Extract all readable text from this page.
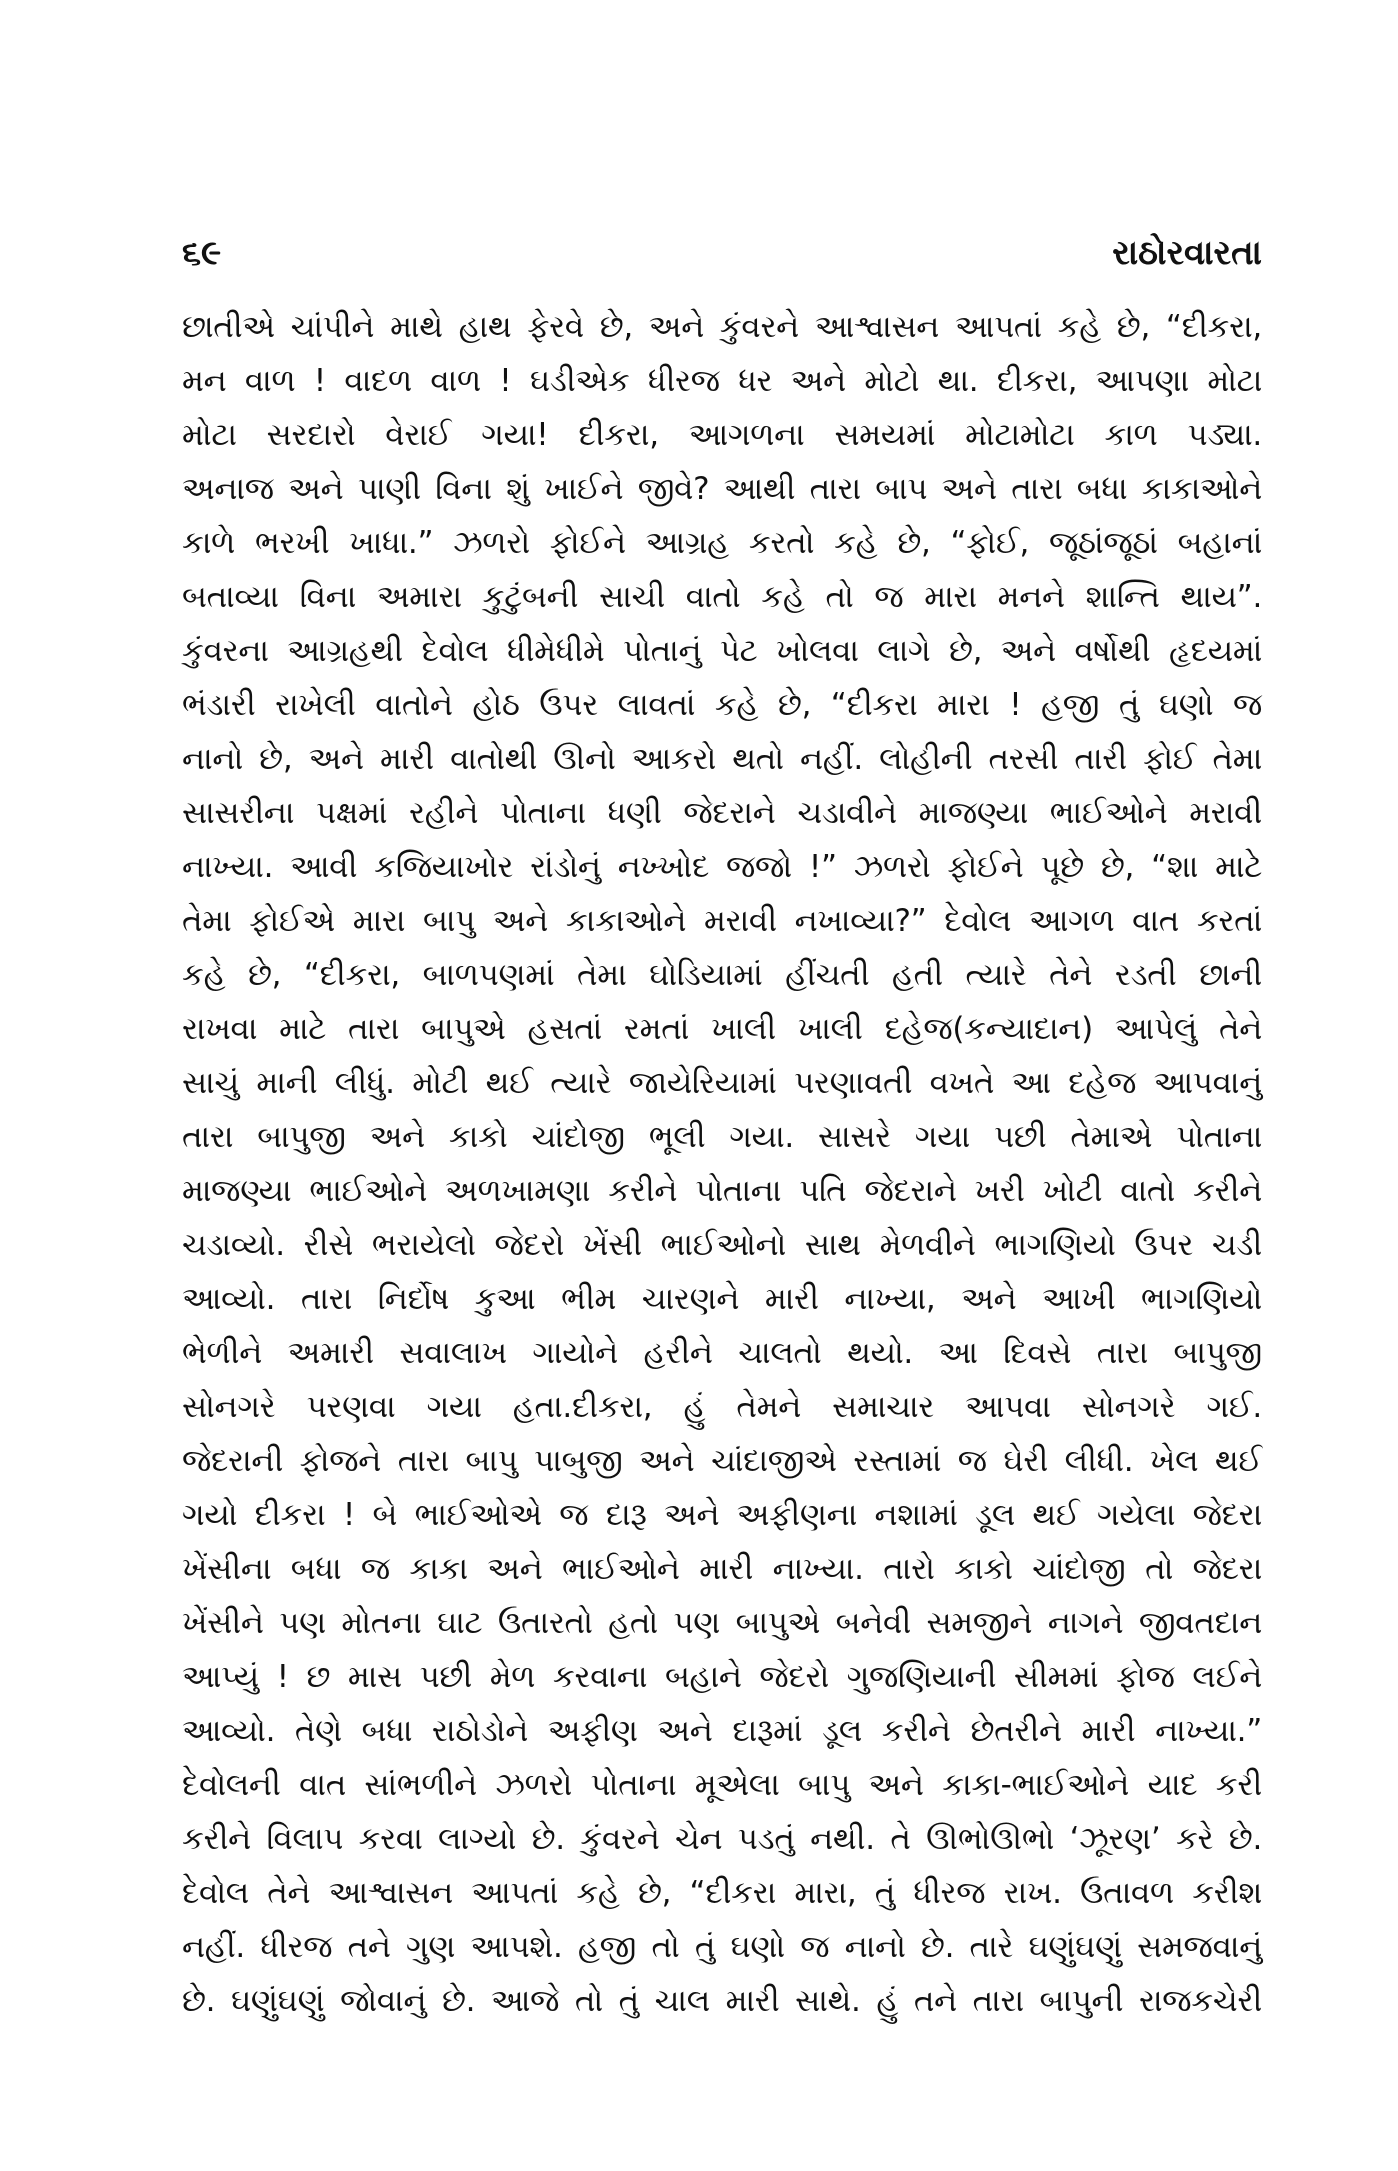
૬૯	રાઠોરવારતા
છાતીએ ચાંપીને માથે હાથ ફેરવે છે, અને કુંવરને આશ્વાસન આપતાં કહે છે, “દીકરા,
મન વાળ ! વાદળ વાળ ! ઘડીએક ધીરજ ધર અને મોટો થા. દીકરા, આપણા મોટા
મોટા સરદારો વેરાઈ ગયા! દીકરા, આગળના સમયમાં મોટામોટા કાળ પડ્યા.
અનાજ અને પાણી વિના શું ખાઈને જીવે? આથી તારા બાપ અને તારા બધા કાકાઓને
કાળે ભરખી ખાધા.” ઝળરો ફોઈને આગ્રહ કરતો કહે છે, “ફોઈ, જૂઠાંજૂઠાં બહાનાં
બતાવ્યા વિના અમારા કુટુંબની સાચી વાતો કહે તો જ મારા મનને શાન્તિ થાય”.
કુંવરના આગ્રહથી દેવોલ ધીમેધીમે પોતાનું પેટ ખોલવા લાગે છે, અને વર્ષોથી હૃદયમાં
ભંડારી રાખેલી વાતોને હોઠ ઉપર લાવતાં કહે છે, “દીકરા મારા ! હજી તું ઘણો જ
નાનો છે, અને મારી વાતોથી ઊનો આકરો થતો નહીં. લોહીની તરસી તારી ફોઈ તેમા
સાસરીના પક્ષમાં રહીને પોતાના ધણી જેદરાને ચડાવીને માજણ્યા ભાઈઓને મરાવી
નાખ્યા. આવી કજિયાખોર રાંડોનું નખ્ખોદ જજો !” ઝળરો ફોઈને પૂછે છે, “શા માટે
તેમા ફોઈએ મારા બાપુ અને કાકાઓને મરાવી નખાવ્યા?” દેવોલ આગળ વાત કરતાં
કહે છે, “દીકરા, બાળપણમાં તેમા ઘોડિયામાં હીંચતી હતી ત્યારે તેને રડતી છાની
રાખવા માટે તારા બાપુએ હસતાં રમતાં ખાલી ખાલી દહેજ(કન્યાદાન) આપેલું તેને
સાચું માની લીધું. મોટી થઈ ત્યારે જાયેરિયામાં પરણાવતી વખતે આ દહેજ આપવાનું
તારા બાપુજી અને કાકો ચાંદોજી ભૂલી ગયા. સાસરે ગયા પછી તેમાએ પોતાના
માજણ્યા ભાઈઓને અળખામણા કરીને પોતાના પતિ જેદરાને ખરી ખોટી વાતો કરીને
ચડાવ્યો. રીસે ભરાયેલો જેદરો ખેંસી ભાઈઓનો સાથ મેળવીને ભાગણિયો ઉપર ચડી
આવ્યો. તારા નિર્દોષ કુઆ ભીમ ચારણને મારી નાખ્યા, અને આખી ભાગણિયો
ભેળીને અમારી સવાલાખ ગાયોને હરીને ચાલતો થયો. આ દિવસે તારા બાપુજી
સોનગરે પરણવા ગયા હતા.દીકરા, હું તેમને સમાચાર આપવા સોનગરે ગઈ.
જેદરાની ફોજને તારા બાપુ પાબુજી અને ચાંદાજીએ રસ્તામાં જ ઘેરી લીધી. ખેલ થઈ
ગયો દીકરા ! બે ભાઈઓએ જ દારૂ અને અફીણના નશામાં ડૂલ થઈ ગયેલા જેદરા
ખેંસીના બધા જ કાકા અને ભાઈઓને મારી નાખ્યા. તારો કાકો ચાંદોજી તો જેદરા
ખેંસીને પણ મોતના ઘાટ ઉતારતો હતો પણ બાપુએ બનેવી સમજીને નાગને જીવતદાન
આપ્યું ! છ માસ પછી મેળ કરવાના બહાને જેદરો ગુજણિયાની સીમમાં ફોજ લઈને
આવ્યો. તેણે બધા રાઠોડોને અફીણ અને દારૂમાં ડૂલ કરીને છેતરીને મારી નાખ્યા.”
દેવોલની વાત સાંભળીને ઝળરો પોતાના મૂએલા બાપુ અને કાકા-ભાઈઓને યાદ કરી
કરીને વિલાપ કરવા લાગ્યો છે. કુંવરને ચેન પડતું નથી. તે ઊભોઊભો ‘ઝૂરણ’ કરે છે.
દેવોલ તેને આશ્વાસન આપતાં કહે છે, “દીકરા મારા, તું ધીરજ રાખ. ઉતાવળ કરીશ
નહીં. ધીરજ તને ગુણ આપશે. હજી તો તું ઘણો જ નાનો છે. તારે ઘણુંઘણું સમજવાનું
છે. ઘણુંઘણું જોવાનું છે. આજે તો તું ચાલ મારી સાથે. હું તને તારા બાપુની રાજકચેરી
